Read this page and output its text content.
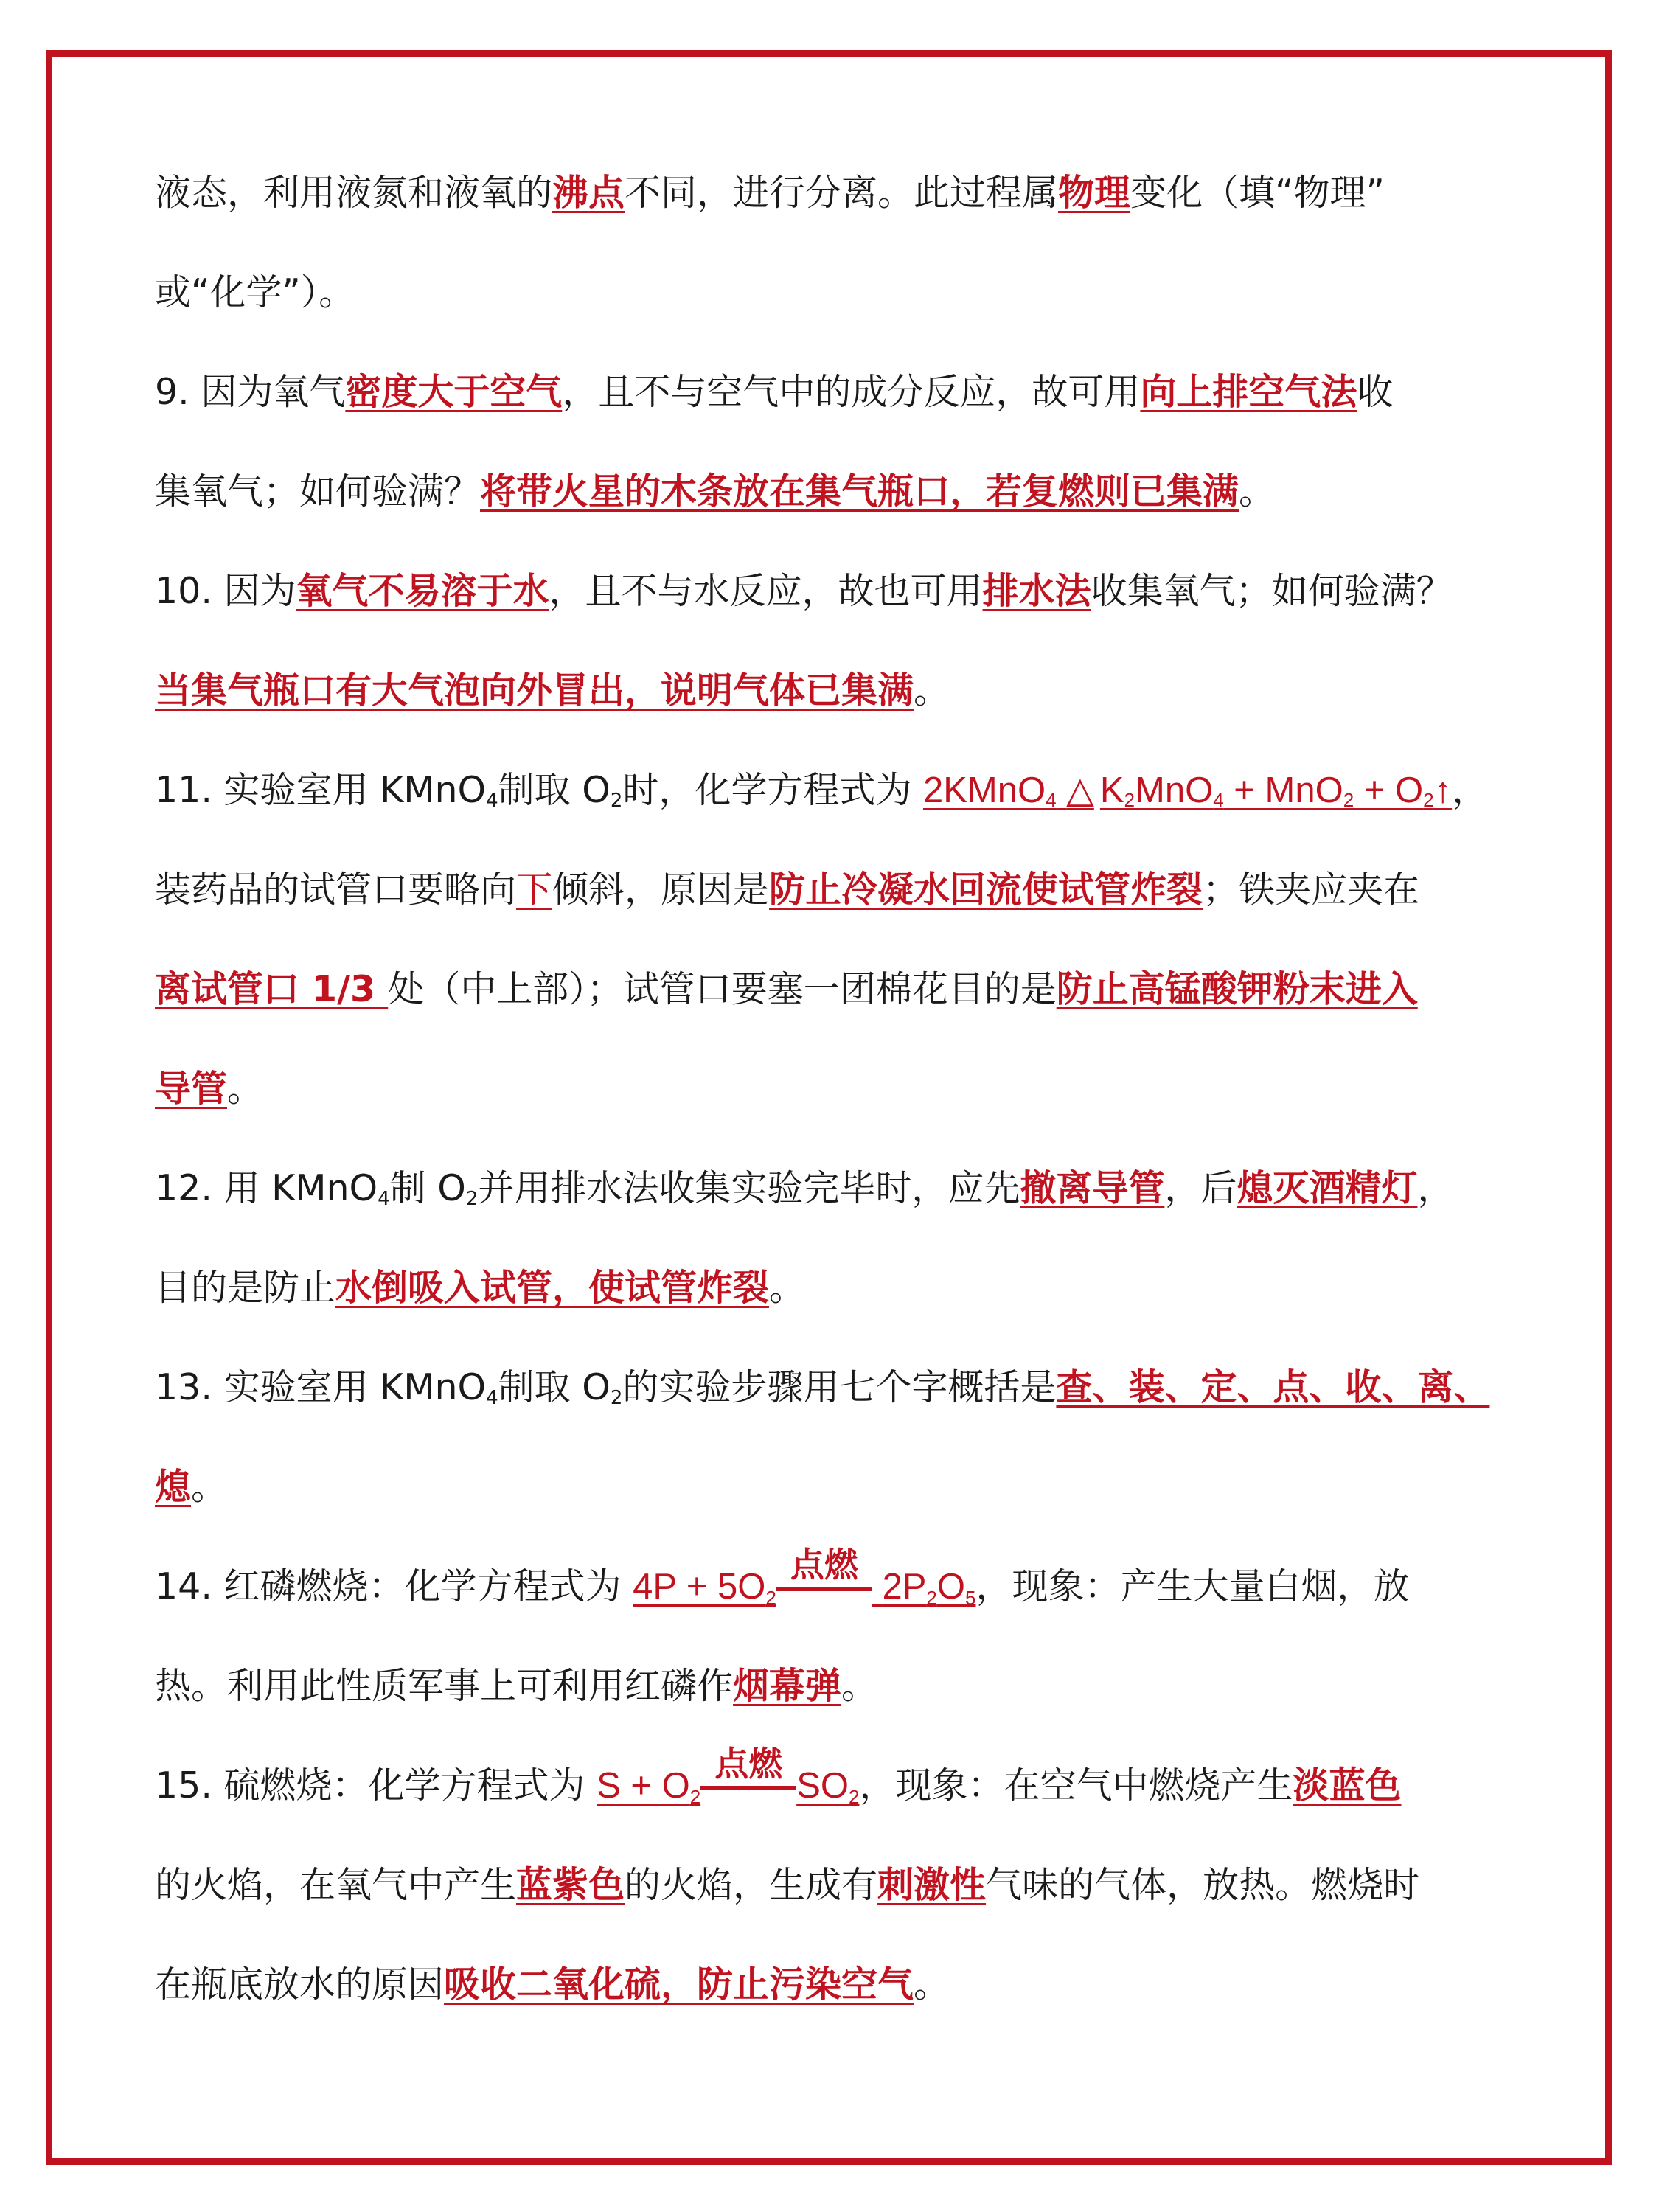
液态，利用液氮和液氧的沸点不同，进行分离。此过程属物理变化（填“物理”
或“化学”）。
9. 因为氧气密度大于空气，且不与空气中的成分反应，故可用向上排空气法收
集氧气；如何验满？将带火星的木条放在集气瓶口，若复燃则已集满。
10. 因为氧气不易溶于水，且不与水反应，故也可用排水法收集氧气；如何验满？
当集气瓶口有大气泡向外冒出，说明气体已集满。
11. 实验室用 KMnO$_4$制取 $O_2$时，化学方程式为 2KMnO$_4$ △ $K_2MnO_4 + MnO_2$ + $O_2↑$，
装药品的试管口要略向下倾斜，原因是防止冷凝水回流使试管炸裂；铁夹应夹在
离试管口 1/3 处（中上部）；试管口要塞一团棉花目的是防止高锰酸钾粉末进入
导管。
12. 用 KMnO$_4$制 $O_2$并用排水法收集实验完毕时，应先撤离导管，后熄灭酒精灯，
目的是防止水倒吸入试管，使试管炸裂。
13. 实验室用 KMnO$_4$制取 $O_2$的实验步骤用七个字概括是查、装、定、点、收、离、
熄。
14. 红磷燃烧：化学方程式为 $4P + 5O_2$
点燃
$2P_2O_5$，现象：产生大量白烟，放
热。利用此性质军事上可利用红磷作烟幕弹。
15. 硫燃烧：化学方程式为 $S + O_2$
点燃
$SO_2$，现象：在空气中燃烧产生淡蓝色
的火焰，在氧气中产生蓝紫色的火焰，生成有刺激性气味的气体，放热。燃烧时
在瓶底放水的原因吸收二氧化硫，防止污染空气。
